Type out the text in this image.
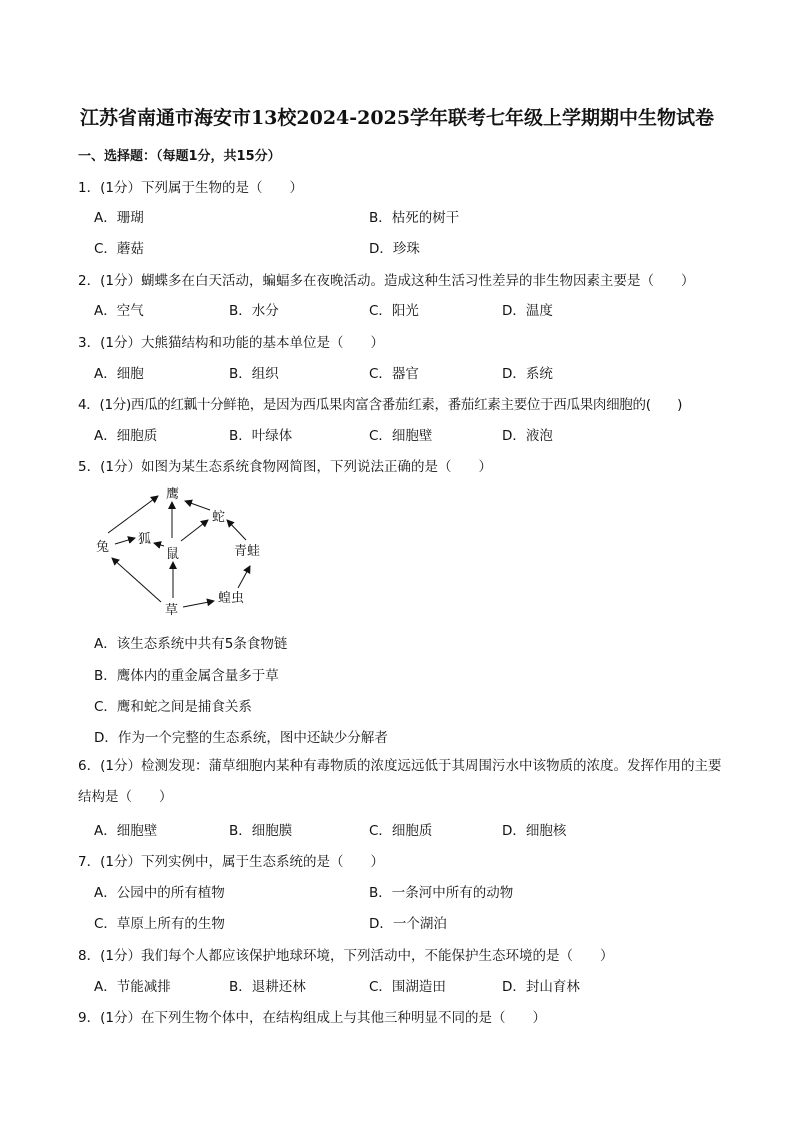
江苏省南通市海安市13校2024-2025学年联考七年级上学期期中生物试卷
一、选择题：（每题1分，共15分）
1．(1分）下列属于生物的是（　　）
A．珊瑚	B．枯死的树干
C．蘑菇	D．珍珠
2．(1分）蝴蝶多在白天活动，蝙蝠多在夜晚活动。造成这种生活习性差异的非生物因素主要是（　　）
A．空气	B．水分	C．阳光	D．温度
3．(1分）大熊猫结构和功能的基本单位是（　　）
A．细胞	B．组织	C．器官	D．系统
4．(1分)西瓜的红瓤十分鲜艳，是因为西瓜果肉富含番茄红素，番茄红素主要位于西瓜果肉细胞的(　　)
A．细胞质	B．叶绿体	C．细胞壁	D．液泡
5．(1分）如图为某生态系统食物网简图，下列说法正确的是（　　）
鹰
蛇
兔
狐
鼠	青蛙
草
蝗虫
A．该生态系统中共有5条食物链
B．鹰体内的重金属含量多于草
C．鹰和蛇之间是捕食关系
D．作为一个完整的生态系统，图中还缺少分解者
6．(1分）检测发现：蒲草细胞内某种有毒物质的浓度远远低于其周围污水中该物质的浓度。发挥作用的主要结构是（　　）
A．细胞壁	B．细胞膜	C．细胞质	D．细胞核
7．(1分）下列实例中，属于生态系统的是（　　）
A．公园中的所有植物	B．一条河中所有的动物
C．草原上所有的生物	D．一个湖泊
8．(1分）我们每个人都应该保护地球环境，下列活动中，不能保护生态环境的是（　　）
A．节能减排	B．退耕还林	C．围湖造田	D．封山育林
9．(1分）在下列生物个体中，在结构组成上与其他三种明显不同的是（　　）
